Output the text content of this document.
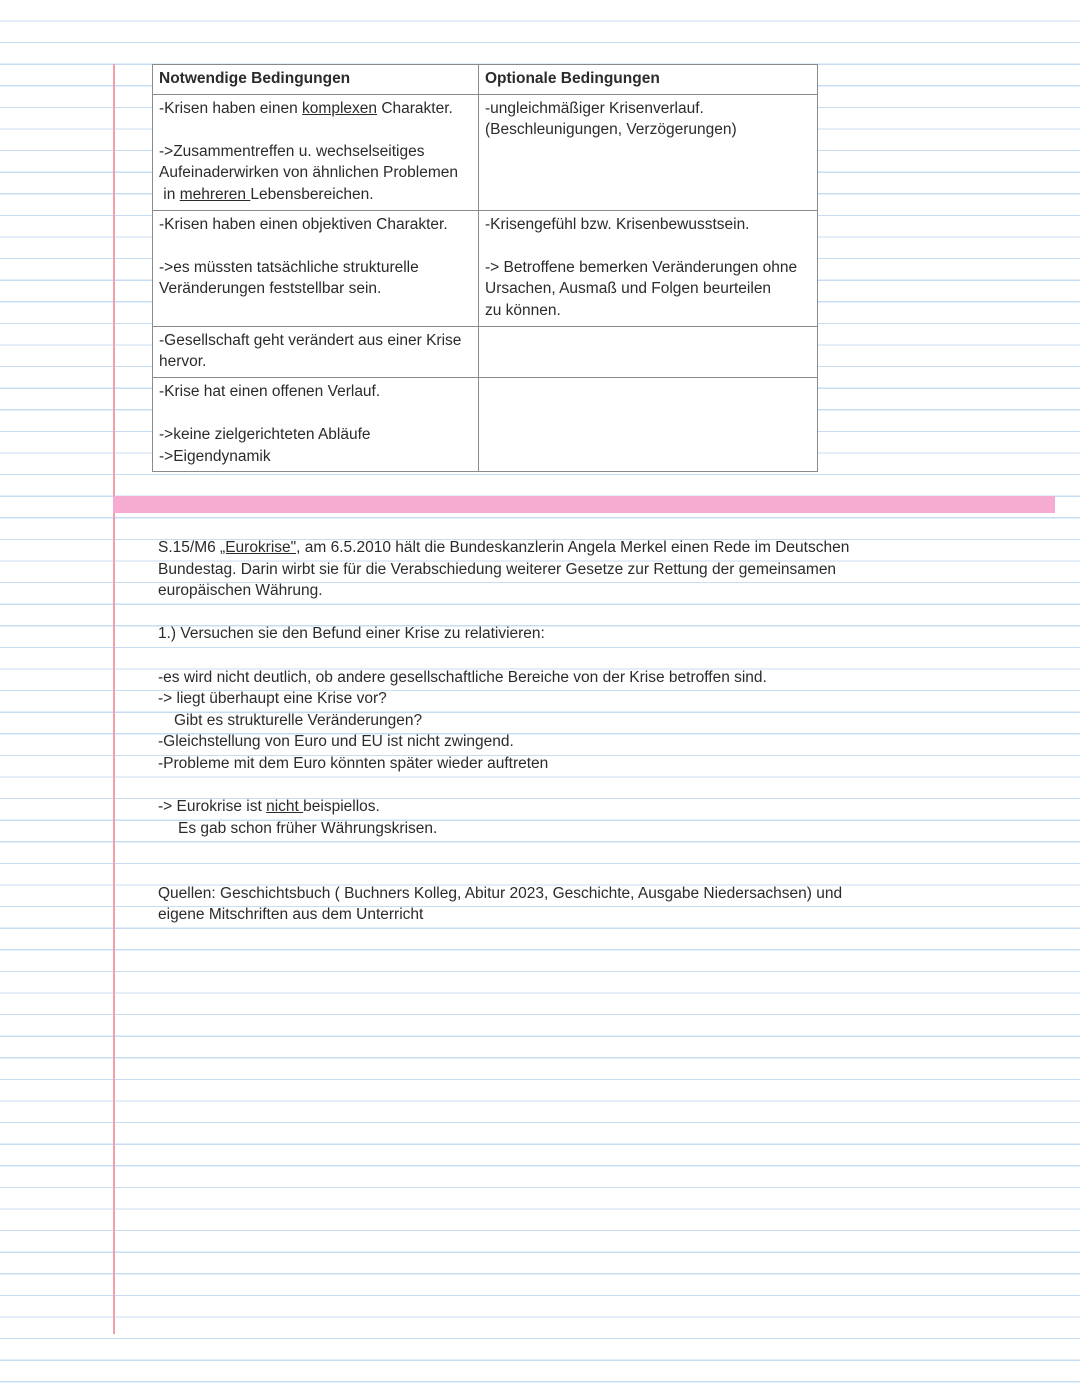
Notwendige Bedingungen	Optionale Bedingungen

-Krisen haben einen komplexen Charakter.
->Zusammentreffen u. wechselseitiges
Aufeinaderwirken von ähnlichen Problemen
in mehreren Lebensbereichen.	-ungleichmäßiger Krisenverlauf.
(Beschleunigungen, Verzögerungen)

-Krisen haben einen objektiven Charakter.
->es müssten tatsächliche strukturelle
Veränderungen feststellbar sein.	-Krisengefühl bzw. Krisenbewusstsein.
-> Betroffene bemerken Veränderungen ohne
Ursachen, Ausmaß und Folgen beurteilen
zu können.

-Gesellschaft geht verändert aus einer Krise
hervor.	

-Krise hat einen offenen Verlauf.
->keine zielgerichteten Abläufe
->Eigendynamik	

S.15/M6 „Eurokrise", am 6.5.2010 hält die Bundeskanzlerin Angela Merkel einen Rede im Deutschen
Bundestag. Darin wirbt sie für die Verabschiedung weiterer Gesetze zur Rettung der gemeinsamen
europäischen Währung.
1.) Versuchen sie den Befund einer Krise zu relativieren:
-es wird nicht deutlich, ob andere gesellschaftliche Bereiche von der Krise betroffen sind.
-> liegt überhaupt eine Krise vor?
Gibt es strukturelle Veränderungen?
-Gleichstellung von Euro und EU ist nicht zwingend.
-Probleme mit dem Euro könnten später wieder auftreten
-> Eurokrise ist nicht beispiellos.
Es gab schon früher Währungskrisen.
Quellen: Geschichtsbuch ( Buchners Kolleg, Abitur 2023, Geschichte, Ausgabe Niedersachsen) und
eigene Mitschriften aus dem Unterricht
